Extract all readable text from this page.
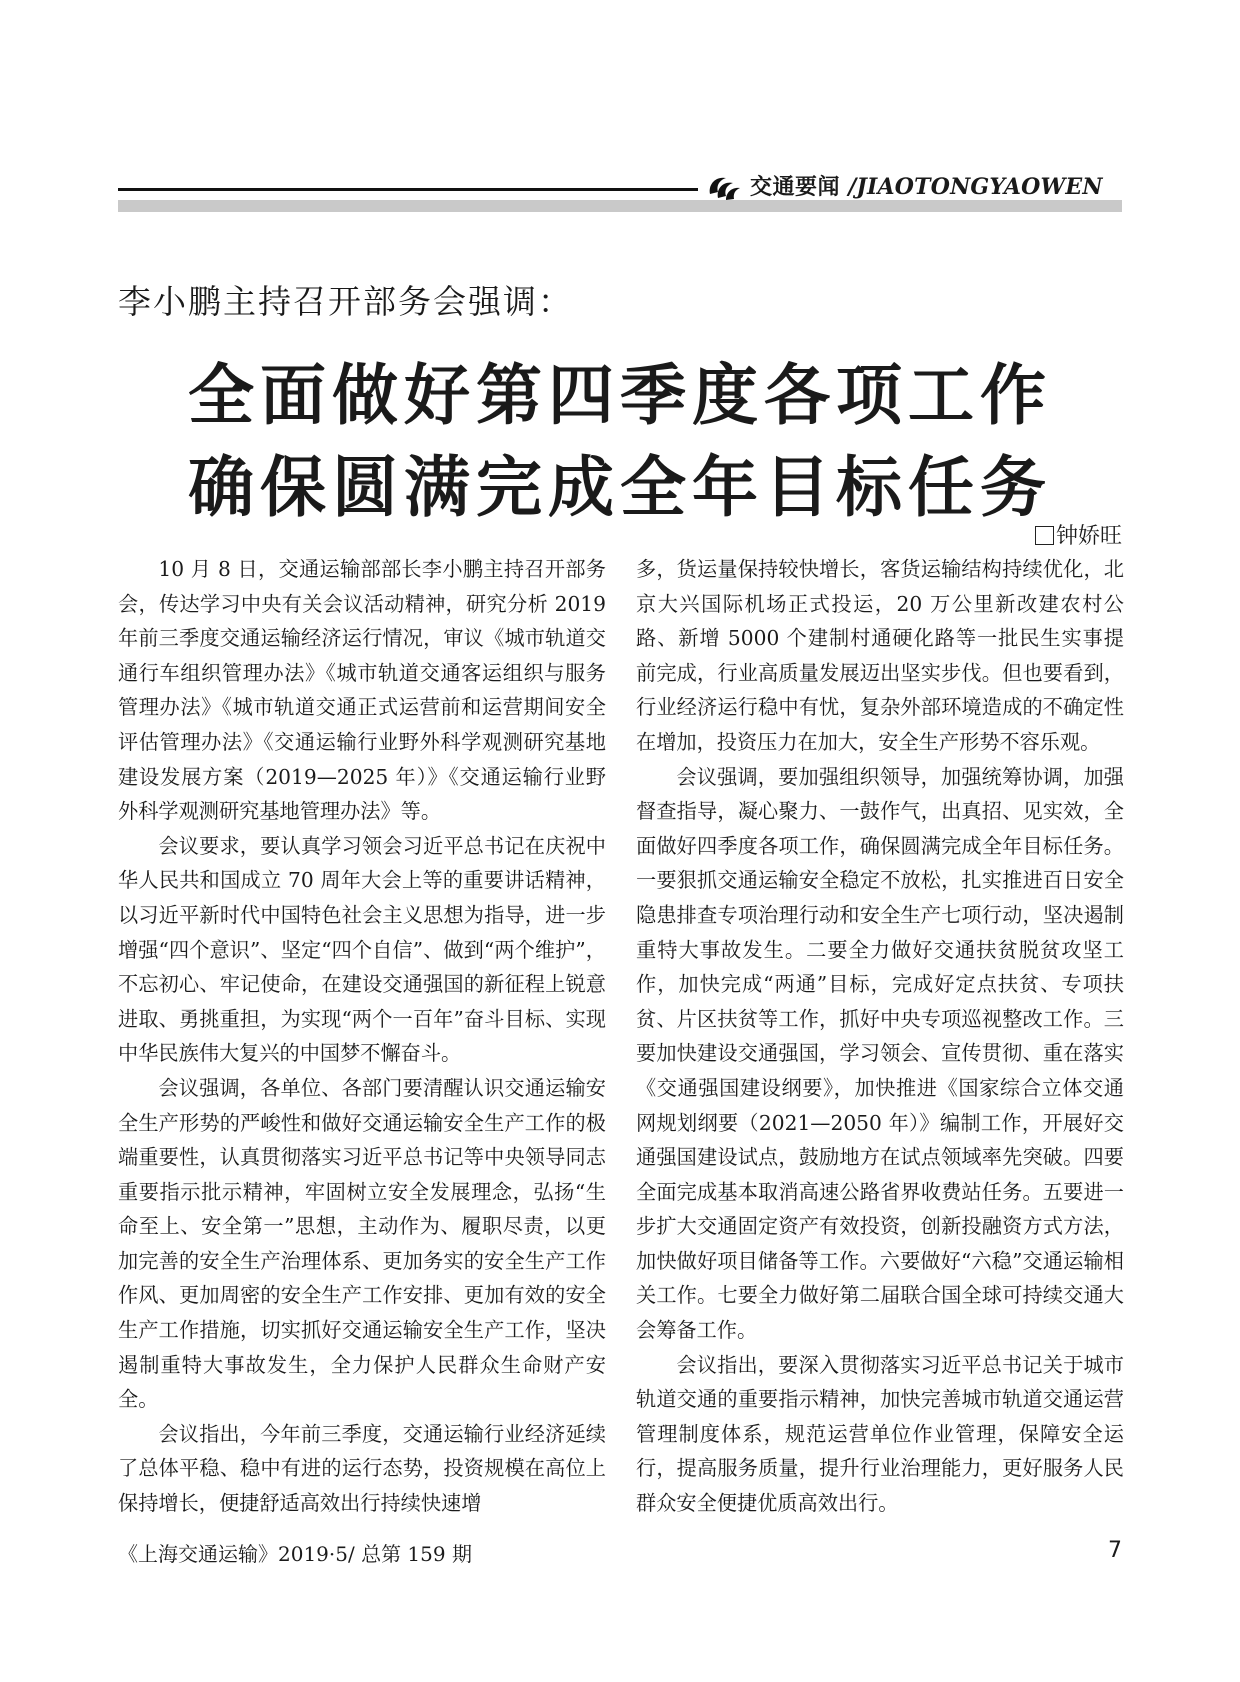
交通要闻 /JIAOTONGYAOWEN
李小鹏主持召开部务会强调：
全面做好第四季度各项工作
确保圆满完成全年目标任务
钟娇旺

10 月 8 日，交通运输部部长李小鹏主持召开部务会，传达学习中央有关会议活动精神，研究分析 2019 年前三季度交通运输经济运行情况，审议《城市轨道交通行车组织管理办法》《城市轨道交通客运组织与服务管理办法》《城市轨道交通正式运营前和运营期间安全评估管理办法》《交通运输行业野外科学观测研究基地建设发展方案（2019—2025 年）》《交通运输行业野外科学观测研究基地管理办法》等。

会议要求，要认真学习领会习近平总书记在庆祝中华人民共和国成立 70 周年大会上等的重要讲话精神，以习近平新时代中国特色社会主义思想为指导，进一步增强“四个意识”、坚定“四个自信”、做到“两个维护”，不忘初心、牢记使命，在建设交通强国的新征程上锐意进取、勇挑重担，为实现“两个一百年”奋斗目标、实现中华民族伟大复兴的中国梦不懈奋斗。

会议强调，各单位、各部门要清醒认识交通运输安全生产形势的严峻性和做好交通运输安全生产工作的极端重要性，认真贯彻落实习近平总书记等中央领导同志重要指示批示精神，牢固树立安全发展理念，弘扬“生命至上、安全第一”思想，主动作为、履职尽责，以更加完善的安全生产治理体系、更加务实的安全生产工作作风、更加周密的安全生产工作安排、更加有效的安全生产工作措施，切实抓好交通运输安全生产工作，坚决遏制重特大事故发生，全力保护人民群众生命财产安全。

会议指出，今年前三季度，交通运输行业经济延续了总体平稳、稳中有进的运行态势，投资规模在高位上保持增长，便捷舒适高效出行持续快速增

多，货运量保持较快增长，客货运输结构持续优化，北京大兴国际机场正式投运，20 万公里新改建农村公路、新增 5000 个建制村通硬化路等一批民生实事提前完成，行业高质量发展迈出坚实步伐。但也要看到，行业经济运行稳中有忧，复杂外部环境造成的不确定性在增加，投资压力在加大，安全生产形势不容乐观。

会议强调，要加强组织领导，加强统筹协调，加强督查指导，凝心聚力、一鼓作气，出真招、见实效，全面做好四季度各项工作，确保圆满完成全年目标任务。一要狠抓交通运输安全稳定不放松，扎实推进百日安全隐患排查专项治理行动和安全生产七项行动，坚决遏制重特大事故发生。二要全力做好交通扶贫脱贫攻坚工作，加快完成“两通”目标，完成好定点扶贫、专项扶贫、片区扶贫等工作，抓好中央专项巡视整改工作。三要加快建设交通强国，学习领会、宣传贯彻、重在落实《交通强国建设纲要》，加快推进《国家综合立体交通网规划纲要（2021—2050 年）》编制工作，开展好交通强国建设试点，鼓励地方在试点领域率先突破。四要全面完成基本取消高速公路省界收费站任务。五要进一步扩大交通固定资产有效投资，创新投融资方式方法，加快做好项目储备等工作。六要做好“六稳”交通运输相关工作。七要全力做好第二届联合国全球可持续交通大会筹备工作。

会议指出，要深入贯彻落实习近平总书记关于城市轨道交通的重要指示精神，加快完善城市轨道交通运营管理制度体系，规范运营单位作业管理，保障安全运行，提高服务质量，提升行业治理能力，更好服务人民群众安全便捷优质高效出行。

《上海交通运输》2019·5/ 总第 159 期	7
